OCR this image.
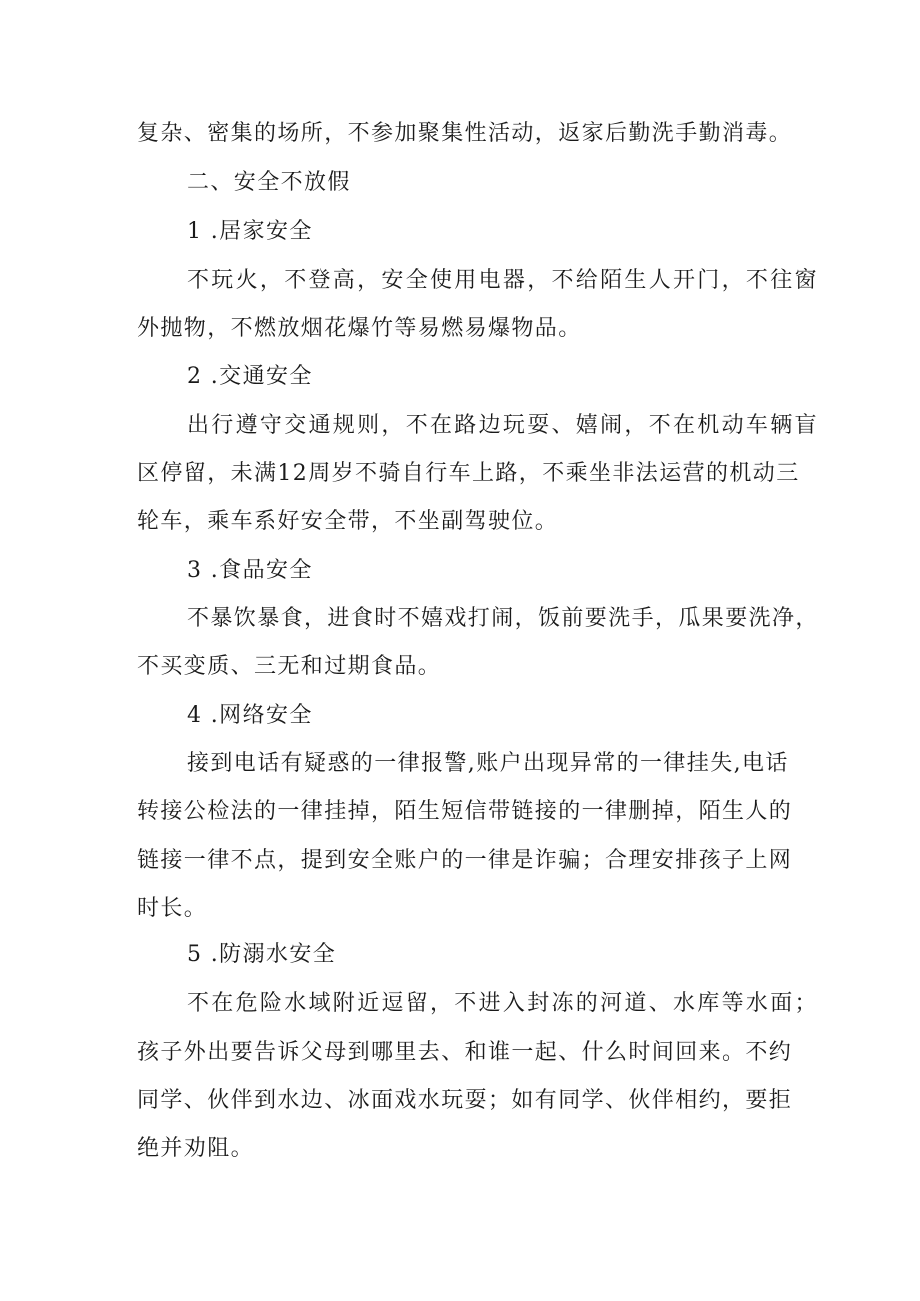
复杂、密集的场所，不参加聚集性活动，返家后勤洗手勤消毒。
二、安全不放假
1 .居家安全
不玩火，不登高，安全使用电器，不给陌生人开门，不往窗
外抛物，不燃放烟花爆竹等易燃易爆物品。
2 .交通安全
出行遵守交通规则，不在路边玩耍、嬉闹，不在机动车辆盲
区停留，未满12周岁不骑自行车上路，不乘坐非法运营的机动三
轮车，乘车系好安全带，不坐副驾驶位。
3 .食品安全
不暴饮暴食，进食时不嬉戏打闹，饭前要洗手，瓜果要洗净，
不买变质、三无和过期食品。
4 .网络安全
接到电话有疑惑的一律报警,账户出现异常的一律挂失,电话
转接公检法的一律挂掉，陌生短信带链接的一律删掉，陌生人的
链接一律不点，提到安全账户的一律是诈骗；合理安排孩子上网
时长。
5 .防溺水安全
不在危险水域附近逗留，不进入封冻的河道、水库等水面；
孩子外出要告诉父母到哪里去、和谁一起、什么时间回来。不约
同学、伙伴到水边、冰面戏水玩耍；如有同学、伙伴相约，要拒
绝并劝阻。
